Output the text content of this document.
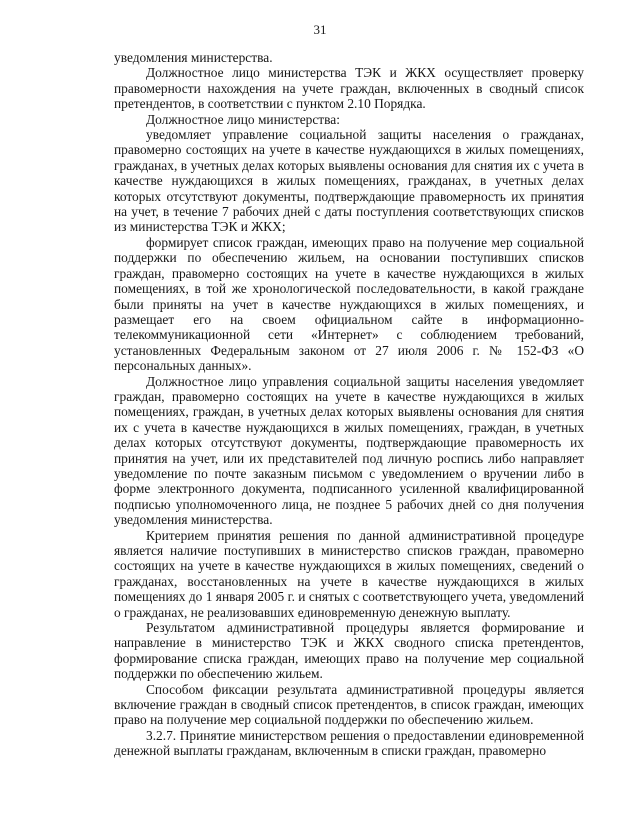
31

уведомления министерства.

Должностное лицо министерства ТЭК и ЖКХ осуществляет проверку правомерности нахождения на учете граждан, включенных в сводный список претендентов, в соответствии с пунктом 2.10 Порядка.

Должностное лицо министерства:

уведомляет управление социальной защиты населения о гражданах, правомерно состоящих на учете в качестве нуждающихся в жилых помещениях, гражданах, в учетных делах которых выявлены основания для снятия их с учета в качестве нуждающихся в жилых помещениях, гражданах, в учетных делах которых отсутствуют документы, подтверждающие правомерность их принятия на учет, в течение 7 рабочих дней с даты поступления соответствующих списков из министерства ТЭК и ЖКХ;

формирует список граждан, имеющих право на получение мер социальной поддержки по обеспечению жильем, на основании поступивших списков граждан, правомерно состоящих на учете в качестве нуждающихся в жилых помещениях, в той же хронологической последовательности, в какой граждане были приняты на учет в качестве нуждающихся в жилых помещениях, и размещает его на своем официальном сайте в информационно-телекоммуникационной сети «Интернет» с соблюдением требований, установленных Федеральным законом от 27 июля 2006 г. № 152-ФЗ «О персональных данных».

Должностное лицо управления социальной защиты населения уведомляет граждан, правомерно состоящих на учете в качестве нуждающихся в жилых помещениях, граждан, в учетных делах которых выявлены основания для снятия их с учета в качестве нуждающихся в жилых помещениях, граждан, в учетных делах которых отсутствуют документы, подтверждающие правомерность их принятия на учет, или их представителей под личную роспись либо направляет уведомление по почте заказным письмом с уведомлением о вручении либо в форме электронного документа, подписанного усиленной квалифицированной подписью уполномоченного лица, не позднее 5 рабочих дней со дня получения уведомления министерства.

Критерием принятия решения по данной административной процедуре является наличие поступивших в министерство списков граждан, правомерно состоящих на учете в качестве нуждающихся в жилых помещениях, сведений о гражданах, восстановленных на учете в качестве нуждающихся в жилых помещениях до 1 января 2005 г. и снятых с соответствующего учета, уведомлений о гражданах, не реализовавших единовременную денежную выплату.

Результатом административной процедуры является формирование и направление в министерство ТЭК и ЖКХ сводного списка претендентов, формирование списка граждан, имеющих право на получение мер социальной поддержки по обеспечению жильем.

Способом фиксации результата административной процедуры является включение граждан в сводный список претендентов, в список граждан, имеющих право на получение мер социальной поддержки по обеспечению жильем.

3.2.7. Принятие министерством решения о предоставлении единовременной денежной выплаты гражданам, включенным в списки граждан, правомерно
